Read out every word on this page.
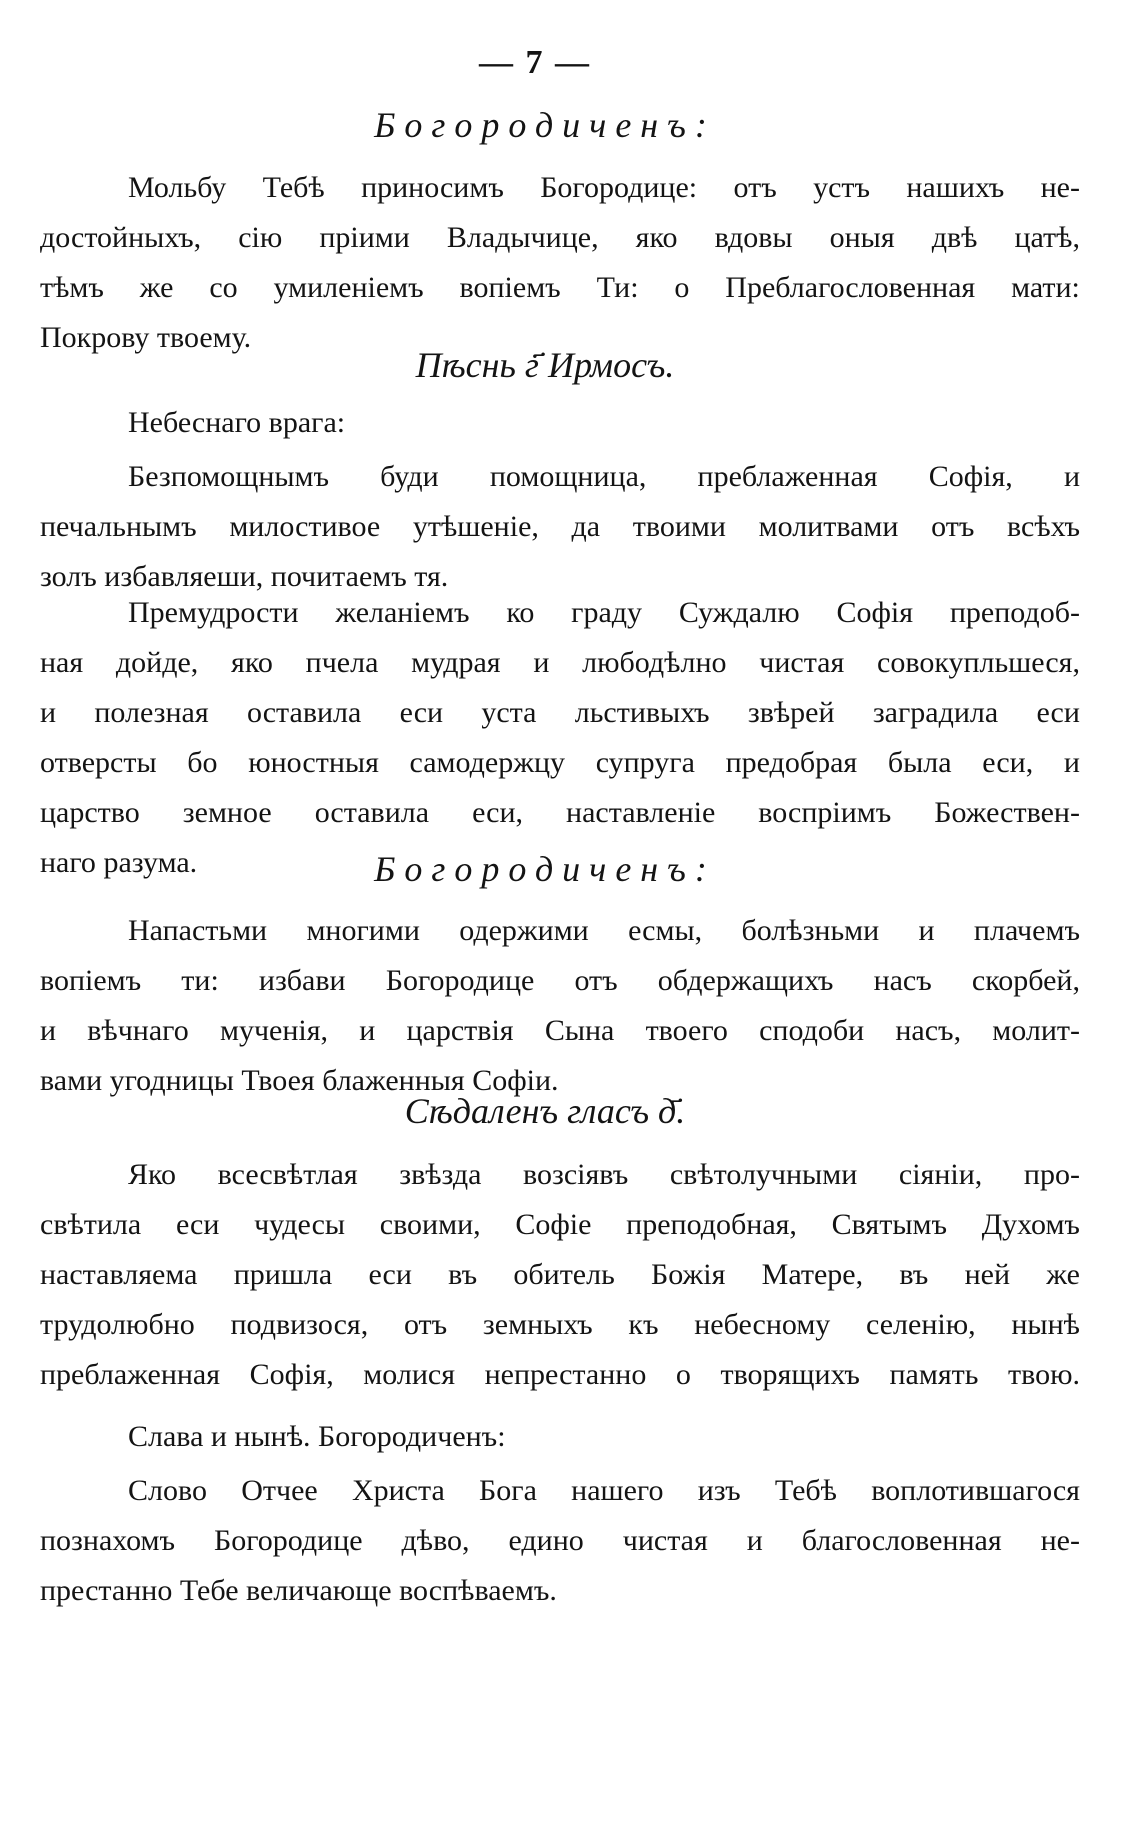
— 7 —
Богородиченъ:
Мольбу Тебѣ приносимъ Богородице: отъ устъ нашихъ не-
достойныхъ, сiю прiими Владычице, яко вдовы оныя двѣ цатѣ,
тѣмъ же со умиленiемъ вопiемъ Ти: о Преблагословенная мати:
Покрову твоему.
Пѣснь г҃ Ирмосъ.
Небеснаго врага:
Безпомощнымъ буди помощница, преблаженная Софiя, и
печальнымъ милостивое утѣшенiе, да твоими молитвами отъ всѣхъ
золъ избавляеши, почитаемъ тя.
Премудрости желанiемъ ко граду Суждалю Софiя преподоб-
ная дойде, яко пчела мудрая и любодѣлно чистая совокупльшеся,
и полезная оставила еси уста льстивыхъ звѣрей заградила еси
отверсты бо юностныя самодержцу супруга предобрая была еси, и
царство земное оставила еси, наставленiе воспрiимъ Божествен-
наго разума.	Богородиченъ:
Напастьми многими одержими есмы, болѣзньми и плачемъ
вопiемъ ти: избави Богородице отъ обдержащихъ насъ скорбей,
и вѣчнаго мученiя, и царствiя Сына твоего сподоби насъ, молит-
вами угодницы Твоея блаженныя Софiи.
Сѣдаленъ гласъ д҃.
Яко всесвѣтлая звѣзда возсiявъ свѣтолучными сiянiи, про-
свѣтила еси чудесы своими, Софiе преподобная, Святымъ Духомъ
наставляема пришла еси въ обитель Божiя Матере, въ ней же
трудолюбно подвизося, отъ земныхъ къ небесному селенiю, нынѣ
преблаженная Софiя, молися непрестанно о творящихъ память твою.
Слава и нынѣ. Богородиченъ:
Слово Отчее Христа Бога нашего изъ Тебѣ воплотившагося
познахомъ Богородице дѣво, едино чистая и благословенная не-
престанно Тебе величающе воспѣваемъ.
